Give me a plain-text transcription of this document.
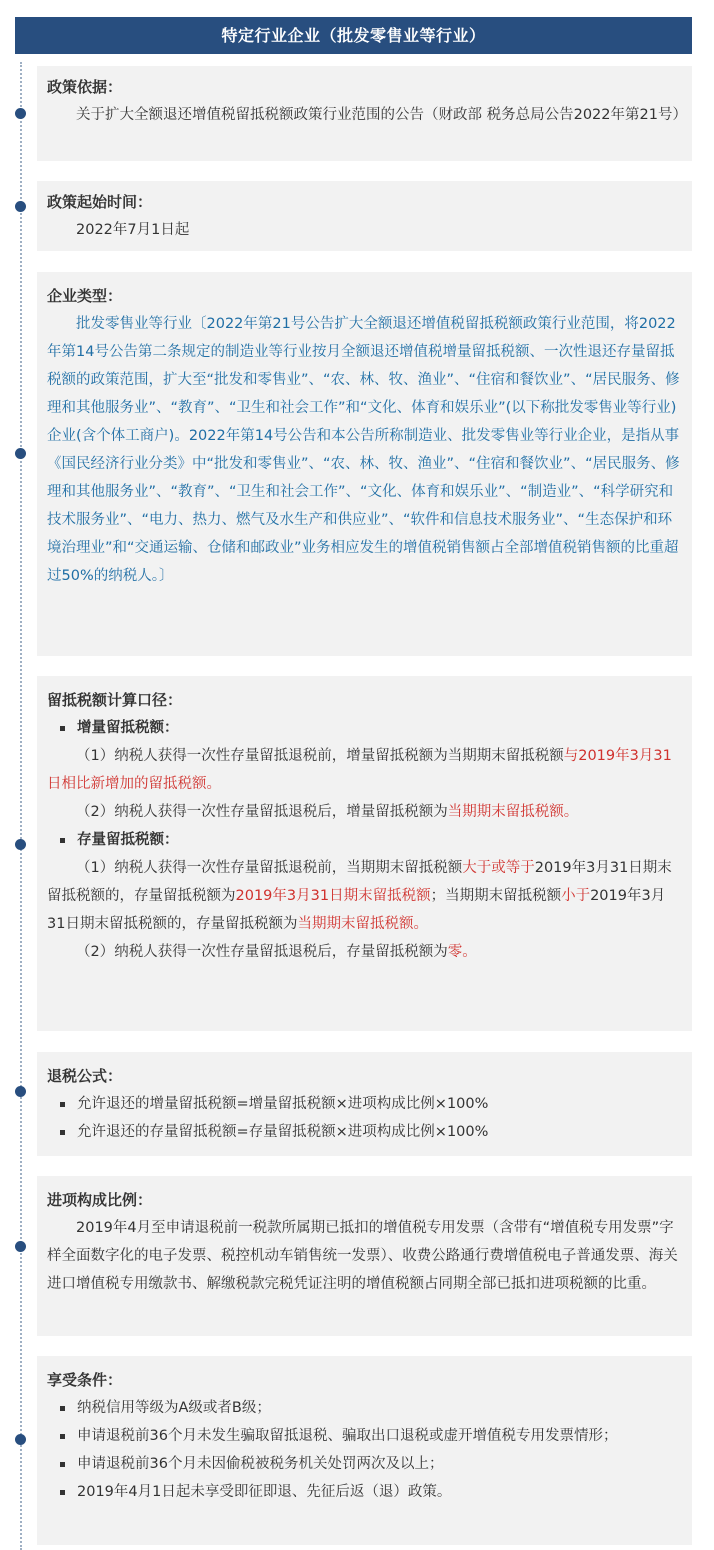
特定行业企业（批发零售业等行业）
政策依据：

关于扩大全额退还增值税留抵税额政策行业范围的公告（财政部 税务总局公告2022年第21号）

政策起始时间：

2022年7月1日起

企业类型：

批发零售业等行业〔2022年第21号公告扩大全额退还增值税留抵税额政策行业范围，将2022年第14号公告第二条规定的制造业等行业按月全额退还增值税增量留抵税额、一次性退还存量留抵税额的政策范围，扩大至“批发和零售业”、“农、林、牧、渔业”、“住宿和餐饮业”、“居民服务、修理和其他服务业”、“教育”、“卫生和社会工作”和“文化、体育和娱乐业”(以下称批发零售业等行业)企业(含个体工商户)。2022年第14号公告和本公告所称制造业、批发零售业等行业企业，是指从事《国民经济行业分类》中“批发和零售业”、“农、林、牧、渔业”、“住宿和餐饮业”、“居民服务、修理和其他服务业”、“教育”、“卫生和社会工作”、“文化、体育和娱乐业”、“制造业”、“科学研究和技术服务业”、“电力、热力、燃气及水生产和供应业”、“软件和信息技术服务业”、“生态保护和环境治理业”和“交通运输、仓储和邮政业”业务相应发生的增值税销售额占全部增值税销售额的比重超过50%的纳税人。〕

留抵税额计算口径：
增量留抵税额：

（1）纳税人获得一次性存量留抵退税前，增量留抵税额为当期期末留抵税额与2019年3月31日相比新增加的留抵税额。

（2）纳税人获得一次性存量留抵退税后，增量留抵税额为当期期末留抵税额。

存量留抵税额：

（1）纳税人获得一次性存量留抵退税前，当期期末留抵税额大于或等于2019年3月31日期末留抵税额的，存量留抵税额为2019年3月31日期末留抵税额；当期期末留抵税额小于2019年3月31日期末留抵税额的，存量留抵税额为当期期末留抵税额。

（2）纳税人获得一次性存量留抵退税后，存量留抵税额为零。

退税公式：
允许退还的增量留抵税额=增量留抵税额×进项构成比例×100%
允许退还的存量留抵税额=存量留抵税额×进项构成比例×100%
进项构成比例：

2019年4月至申请退税前一税款所属期已抵扣的增值税专用发票（含带有“增值税专用发票”字样全面数字化的电子发票、税控机动车销售统一发票）、收费公路通行费增值税电子普通发票、海关进口增值税专用缴款书、解缴税款完税凭证注明的增值税额占同期全部已抵扣进项税额的比重。

享受条件：
纳税信用等级为A级或者B级；
申请退税前36个月未发生骗取留抵退税、骗取出口退税或虚开增值税专用发票情形；
申请退税前36个月未因偷税被税务机关处罚两次及以上；
2019年4月1日起未享受即征即退、先征后返（退）政策。
